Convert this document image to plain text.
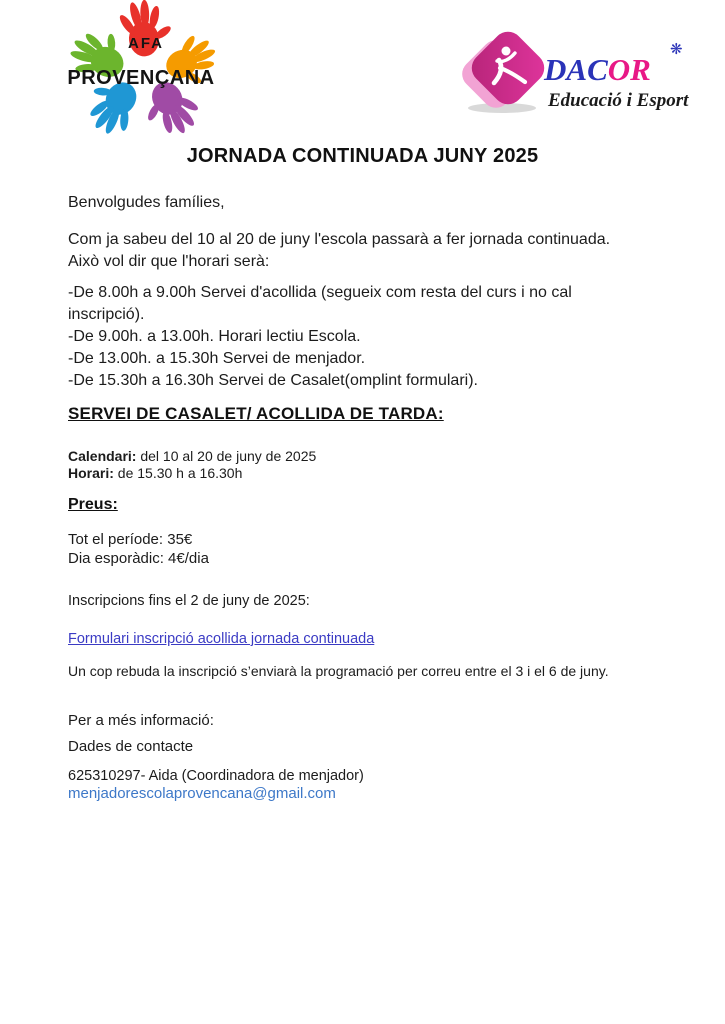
AFA
PROVENÇANA	DACOR
❋
Educació i Esport
JORNADA CONTINUADA JUNY 2025
Benvolgudes famílies,
Com ja sabeu del 10 al 20 de juny l'escola passarà a fer jornada continuada.
Això vol dir que l'horari serà:
-De 8.00h a 9.00h Servei d'acollida (segueix com resta del curs i no cal
inscripció).
-De 9.00h. a 13.00h. Horari lectiu Escola.
-De 13.00h. a 15.30h Servei de menjador.
-De 15.30h a 16.30h Servei de Casalet(omplint formulari).
SERVEI DE CASALET/ ACOLLIDA DE TARDA:
Calendari: del 10 al 20 de juny de 2025
Horari: de 15.30 h a 16.30h
Preus:
Tot el període: 35€
Dia esporàdic: 4€/dia
Inscripcions fins el 2 de juny de 2025:
Formulari inscripció acollida jornada continuada
Un cop rebuda la inscripció s’enviarà la programació per correu entre el 3 i el 6 de juny.
Per a més informació:
Dades de contacte
625310297- Aida (Coordinadora de menjador)
menjadorescolaprovencana@gmail.com
